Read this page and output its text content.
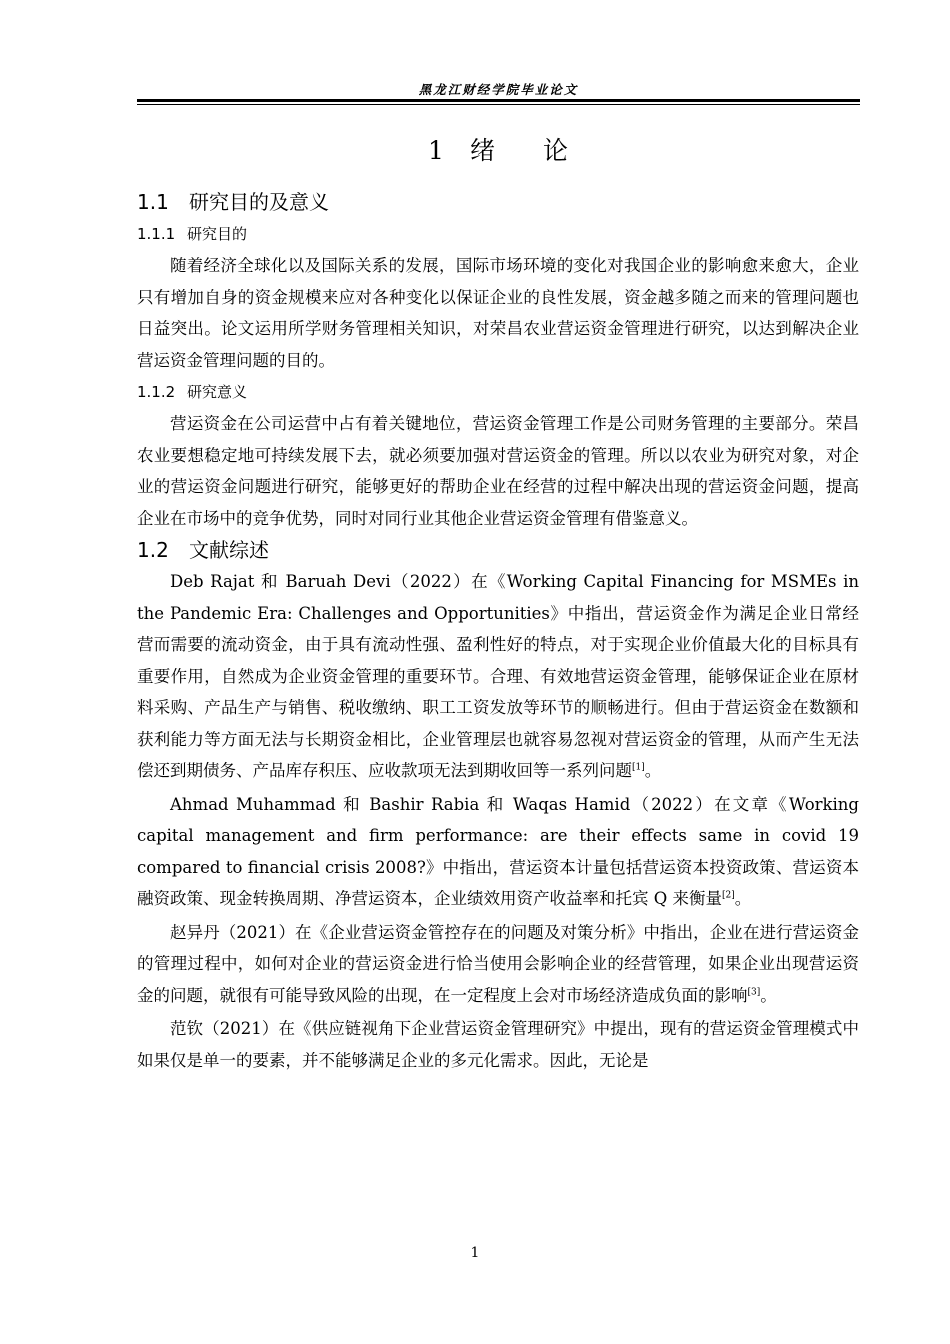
黑龙江财经学院毕业论文
1 绪 论
1.1 研究目的及意义
1.1.1 研究目的

随着经济全球化以及国际关系的发展，国际市场环境的变化对我国企业的影响愈来愈大，企业只有增加自身的资金规模来应对各种变化以保证企业的良性发展，资金越多随之而来的管理问题也日益突出。论文运用所学财务管理相关知识，对荣昌农业营运资金管理进行研究，以达到解决企业营运资金管理问题的目的。

1.1.2 研究意义

营运资金在公司运营中占有着关键地位，营运资金管理工作是公司财务管理的主要部分。荣昌农业要想稳定地可持续发展下去，就必须要加强对营运资金的管理。所以以农业为研究对象，对企业的营运资金问题进行研究，能够更好的帮助企业在经营的过程中解决出现的营运资金问题，提高企业在市场中的竞争优势，同时对同行业其他企业营运资金管理有借鉴意义。

1.2 文献综述

Deb Rajat 和 Baruah Devi（2022）在《Working Capital Financing for MSMEs in the Pandemic Era: Challenges and Opportunities》中指出，营运资金作为满足企业日常经营而需要的流动资金，由于具有流动性强、盈利性好的特点，对于实现企业价值最大化的目标具有重要作用，自然成为企业资金管理的重要环节。合理、有效地营运资金管理，能够保证企业在原材料采购、产品生产与销售、税收缴纳、职工工资发放等环节的顺畅进行。但由于营运资金在数额和获利能力等方面无法与长期资金相比，企业管理层也就容易忽视对营运资金的管理，从而产生无法偿还到期债务、产品库存积压、应收款项无法到期收回等一系列问题[1]。

Ahmad Muhammad 和 Bashir Rabia 和 Waqas Hamid（2022）在文章《Working capital management and firm performance: are their effects same in covid 19 compared to financial crisis 2008?》中指出，营运资本计量包括营运资本投资政策、营运资本融资政策、现金转换周期、净营运资本，企业绩效用资产收益率和托宾 Q 来衡量[2]。

赵异丹（2021）在《企业营运资金管控存在的问题及对策分析》中指出，企业在进行营运资金的管理过程中，如何对企业的营运资金进行恰当使用会影响企业的经营管理，如果企业出现营运资金的问题，就很有可能导致风险的出现，在一定程度上会对市场经济造成负面的影响[3]。

范钦（2021）在《供应链视角下企业营运资金管理研究》中提出，现有的营运资金管理模式中如果仅是单一的要素，并不能够满足企业的多元化需求。因此，无论是

1
